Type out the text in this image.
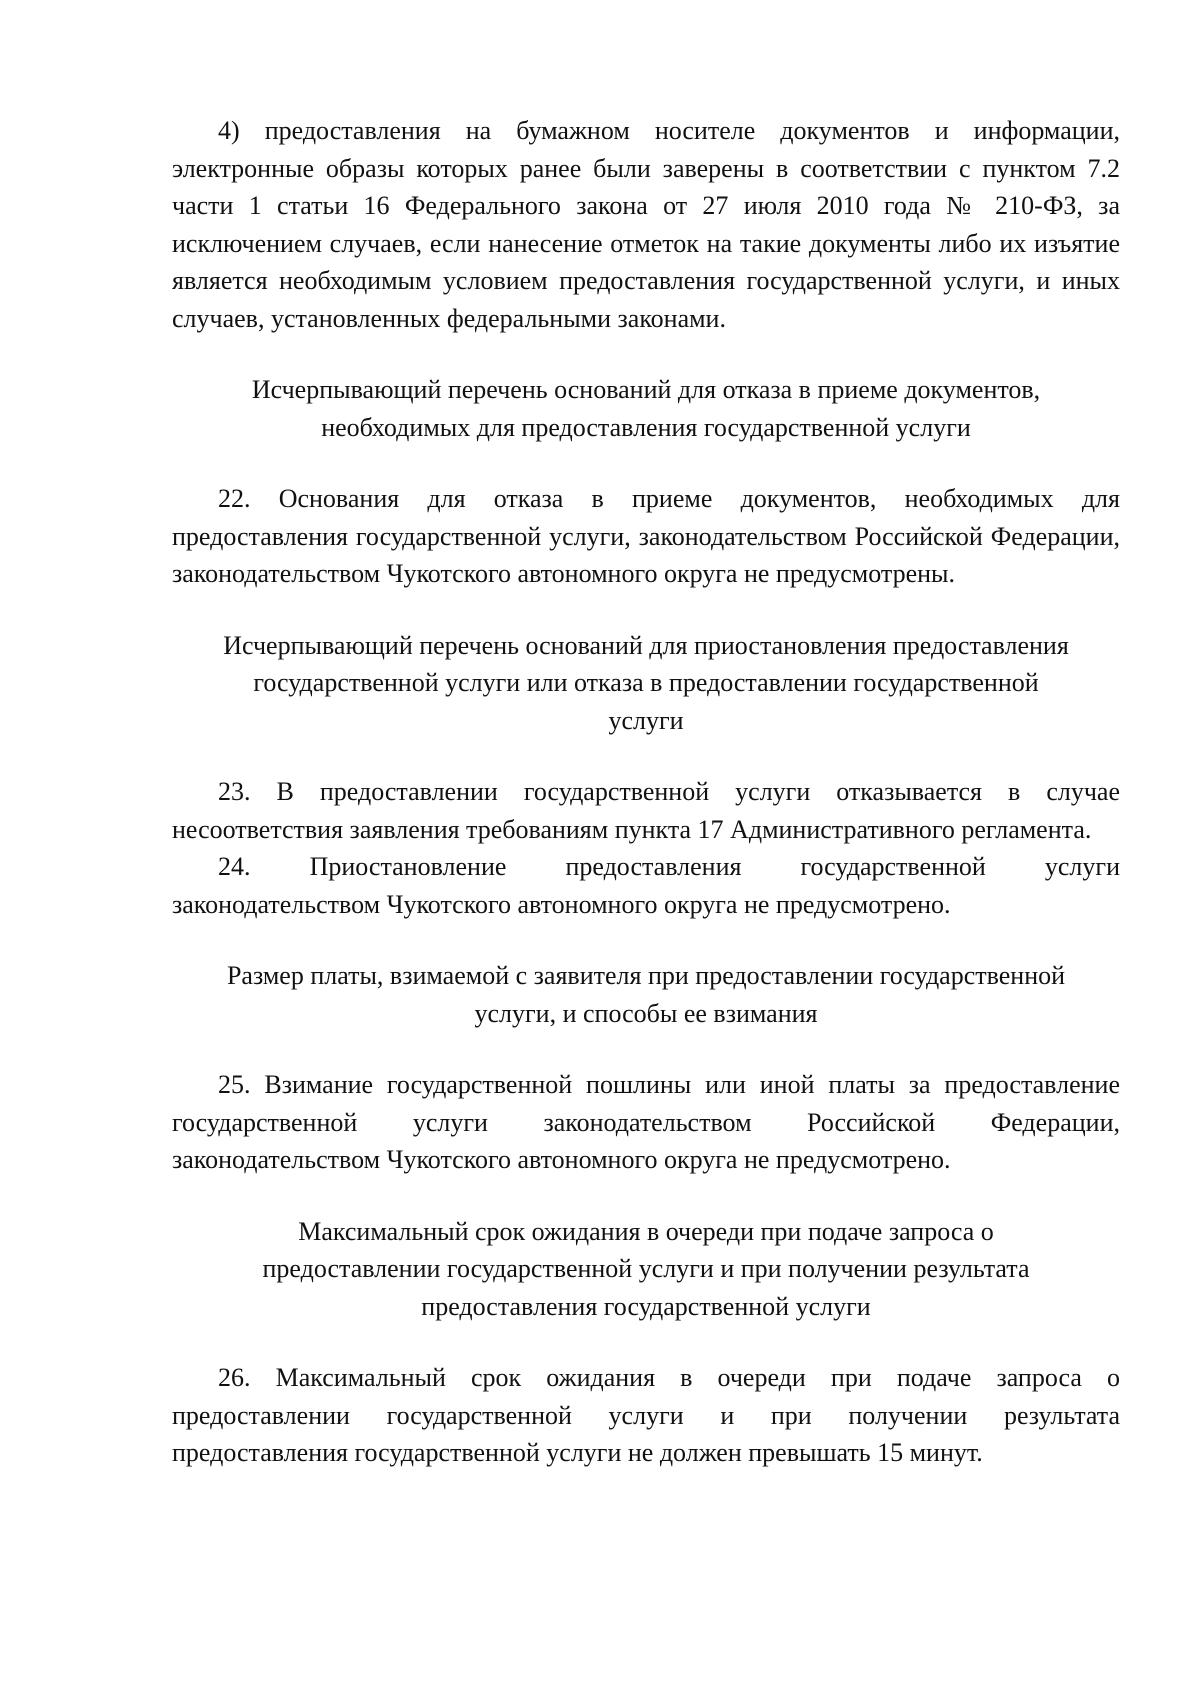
4) предоставления на бумажном носителе документов и информации, электронные образы которых ранее были заверены в соответствии с пунктом 7.2 части 1 статьи 16 Федерального закона от 27 июля 2010 года № 210-ФЗ, за исключением случаев, если нанесение отметок на такие документы либо их изъятие является необходимым условием предоставления государственной услуги, и иных случаев, установленных федеральными законами.

Исчерпывающий перечень оснований для отказа в приеме документов, необходимых для предоставления государственной услуги

22. Основания для отказа в приеме документов, необходимых для предоставления государственной услуги, законодательством Российской Федерации, законодательством Чукотского автономного округа не предусмотрены.

Исчерпывающий перечень оснований для приостановления предоставления государственной услуги или отказа в предоставлении государственной услуги

23. В предоставлении государственной услуги отказывается в случае несоответствия заявления требованиям пункта 17 Административного регламента.

24. Приостановление предоставления государственной услуги законодательством Чукотского автономного округа не предусмотрено.

Размер платы, взимаемой с заявителя при предоставлении государственной услуги, и способы ее взимания

25. Взимание государственной пошлины или иной платы за предоставление государственной услуги законодательством Российской Федерации, законодательством Чукотского автономного округа не предусмотрено.

Максимальный срок ожидания в очереди при подаче запроса о предоставлении государственной услуги и при получении результата предоставления государственной услуги

26. Максимальный срок ожидания в очереди при подаче запроса о предоставлении государственной услуги и при получении результата предоставления государственной услуги не должен превышать 15 минут.
